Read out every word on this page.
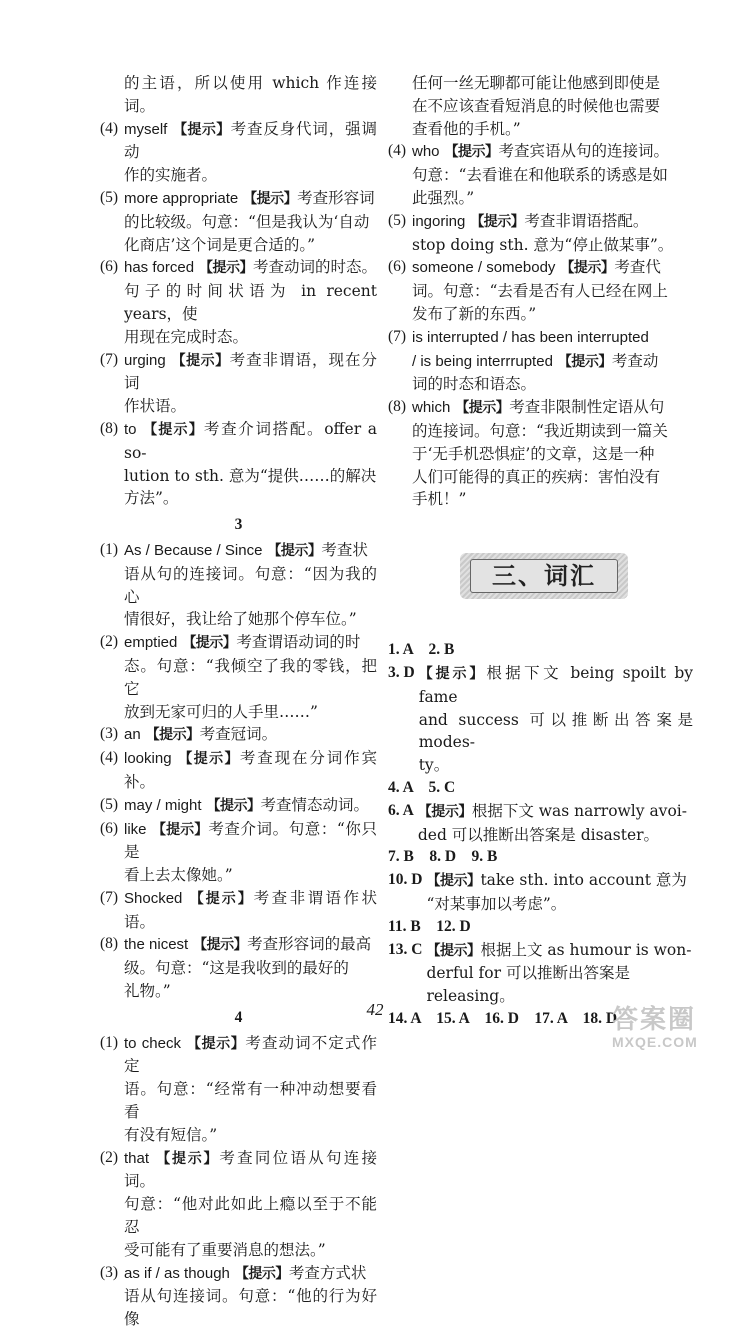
的主语，所以使用 which 作连接词。
(4) myself 【提示】考查反身代词，强调动
作的实施者。
(5) more appropriate 【提示】考查形容词
的比较级。句意：“但是我认为‘自动
化商店’这个词是更合适的。”
(6) has forced 【提示】考查动词的时态。
句子的时间状语为 in recent years，使
用现在完成时态。
(7) urging 【提示】考查非谓语，现在分词
作状语。
(8) to 【提示】考查介词搭配。offer a so-
lution to sth. 意为“提供……的解决
方法”。
3
(1) As / Because / Since 【提示】考查状
语从句的连接词。句意：“因为我的心
情很好，我让给了她那个停车位。”
(2) emptied 【提示】考查谓语动词的时
态。句意：“我倾空了我的零钱，把它
放到无家可归的人手里……”
(3) an 【提示】考查冠词。
(4) looking 【提示】考查现在分词作宾补。
(5) may / might 【提示】考查情态动词。
(6) like 【提示】考查介词。句意：“你只是
看上去太像她。”
(7) Shocked 【提示】考查非谓语作状语。
(8) the nicest 【提示】考查形容词的最高
级。句意：“这是我收到的最好的
礼物。”
4
(1) to check 【提示】考查动词不定式作定
语。句意：“经常有一种冲动想要看看
有没有短信。”
(2) that 【提示】考查同位语从句连接词。
句意：“他对此如此上瘾以至于不能忍
受可能有了重要消息的想法。”
(3) as if / as though 【提示】考查方式状
语从句连接词。句意：“他的行为好像
任何一丝无聊都可能让他感到即使是
在不应该查看短消息的时候他也需要
查看他的手机。”
(4) who 【提示】考查宾语从句的连接词。
句意：“去看谁在和他联系的诱惑是如
此强烈。”
(5) ingoring 【提示】考查非谓语搭配。
stop doing sth. 意为“停止做某事”。
(6) someone / somebody 【提示】考查代
词。句意：“去看是否有人已经在网上
发布了新的东西。”
(7) is interrupted / has been interrupted
/ is being interrrupted 【提示】考查动
词的时态和语态。
(8) which 【提示】考查非限制性定语从句
的连接词。句意：“我近期读到一篇关
于‘无手机恐惧症’的文章，这是一种
人们可能得的真正的疾病：害怕没有
手机！”
三、词汇
1. A　2. B
3. D 【提示】根据下文 being spoilt by fame
and success 可以推断出答案是 modes-
ty。
4. A　5. C
6. A 【提示】根据下文 was narrowly avoi-
ded 可以推断出答案是 disaster。
7. B　8. D　9. B
10. D 【提示】take sth. into account 意为
“对某事加以考虑”。
11. B　12. D
13. C 【提示】根据上文 as humour is won-
derful for 可以推断出答案是
releasing。
14. A　15. A　16. D　17. A　18. D
42	答案圈
MXQE.COM
